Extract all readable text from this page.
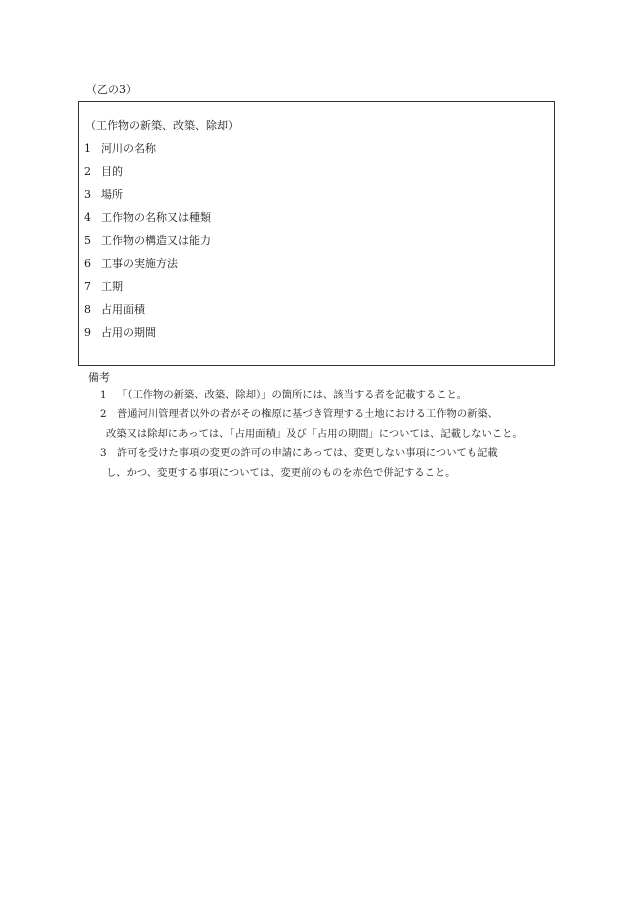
（乙の3）
（工作物の新築、改築、除却）
1 河川の名称
2 目的
3 場所
4 工作物の名称又は種類
5 工作物の構造又は能力
6 工事の実施方法
7 工期
8 占用面積
9 占用の期間
備考
1 「（工作物の新築、改築、除却）」の箇所には、該当する者を記載すること。
2 普通河川管理者以外の者がその権原に基づき管理する土地における工作物の新築、
改築又は除却にあっては、「占用面積」及び「占用の期間」については、記載しないこと。
3 許可を受けた事項の変更の許可の申請にあっては、変更しない事項についても記載
し、かつ、変更する事項については、変更前のものを赤色で併記すること。
